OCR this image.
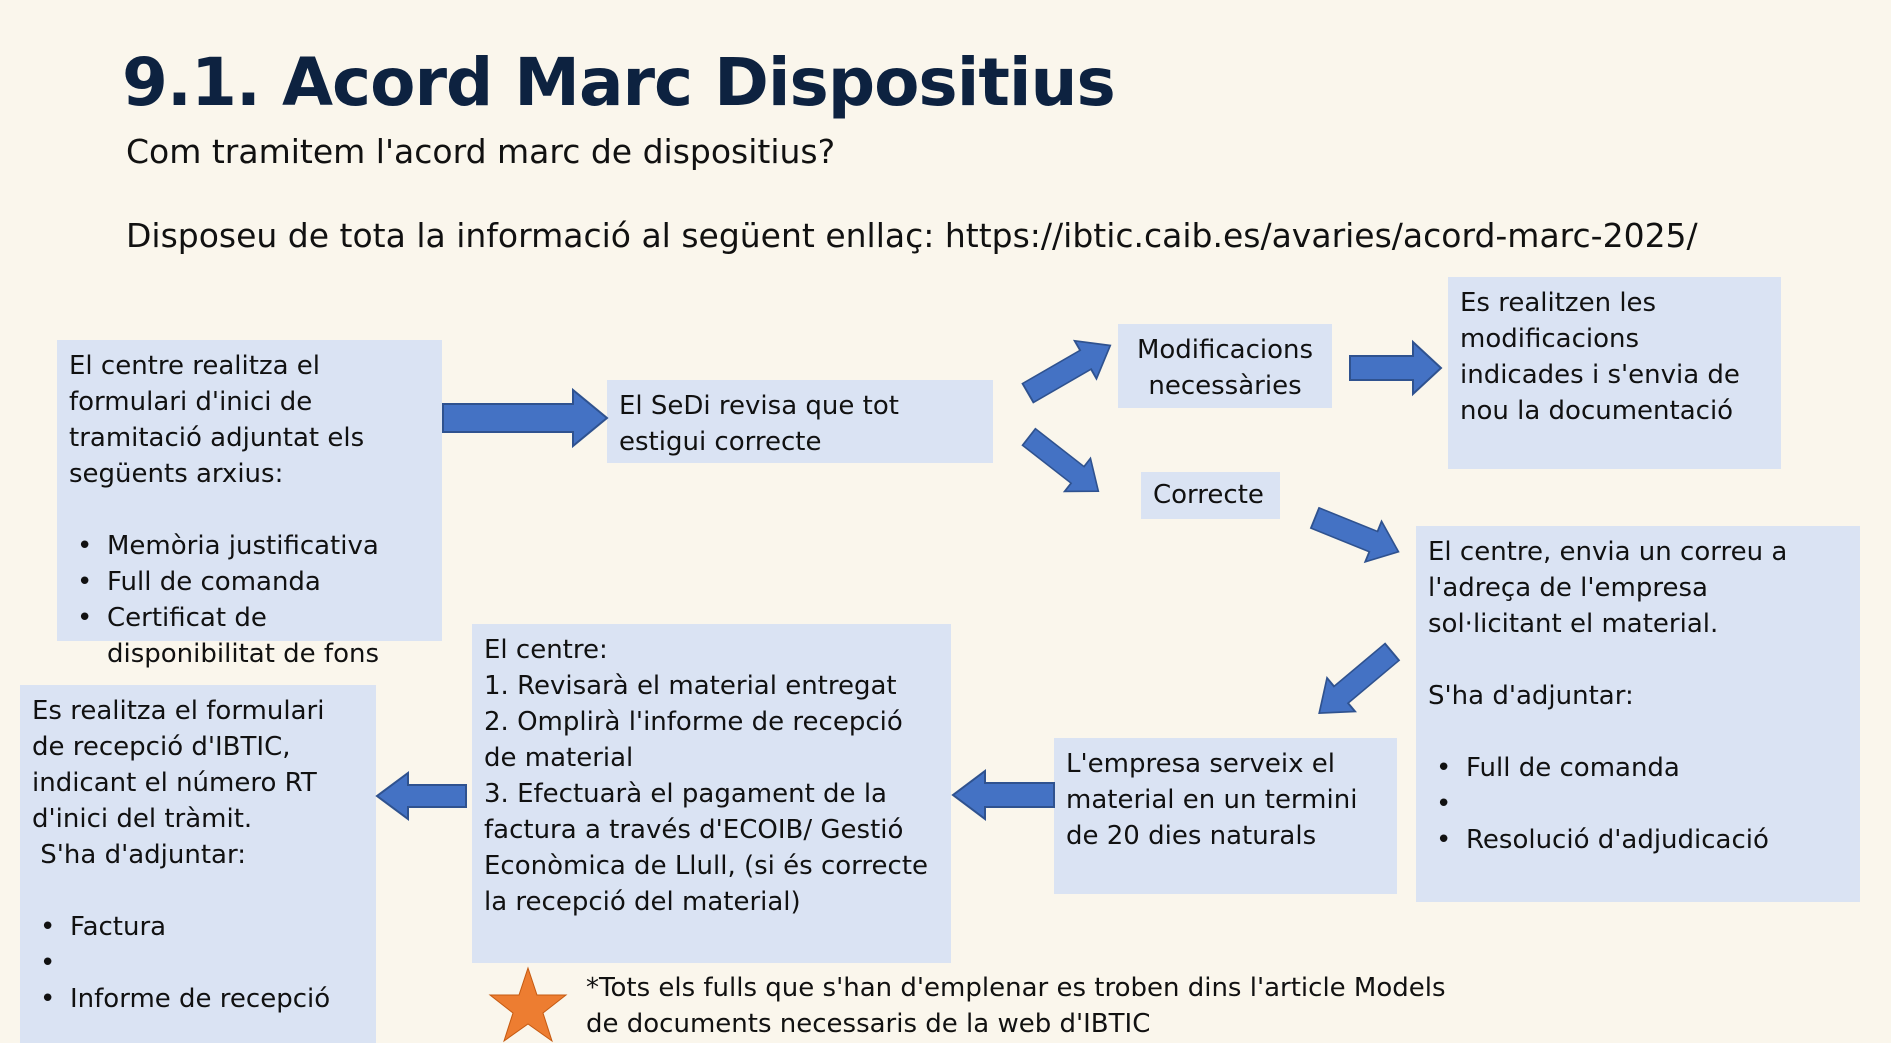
9.1. Acord Marc Dispositius
Com tramitem l'acord marc de dispositius?
Disposeu de tota la informació al següent enllaç: https://ibtic.caib.es/avaries/acord-marc-2025/

El centre realitza el formulari d'inici de tramitació adjuntat els següents arxius:

• Memòria justificativa
• Full de comanda
• Certificat de disponibilitat de fons

El SeDi revisa que tot estigui correcte

Modificacions necessàries

Es realitzen les modificacions indicades i s'envia de nou la documentació

Correcte

El centre, envia un correu a l'adreça de l'empresa sol·licitant el material.

S'ha d'adjuntar:

• Full de comanda
•
• Resolució d'adjudicació

L'empresa serveix el material en un termini de 20 dies naturals

El centre:

1. Revisarà el material entregat

2. Omplirà l'informe de recepció de material

3. Efectuarà el pagament de la factura a través d'ECOIB/ Gestió Econòmica de Llull, (si és correcte la recepció del material)

Es realitza el formulari de recepció d'IBTIC, indicant el número RT d'inici del tràmit.

S'ha d'adjuntar:

• Factura
•
• Informe de recepció	*Tots els fulls que s'han d'emplenar es troben dins l'article Models de documents necessaris de la web d'IBTIC
